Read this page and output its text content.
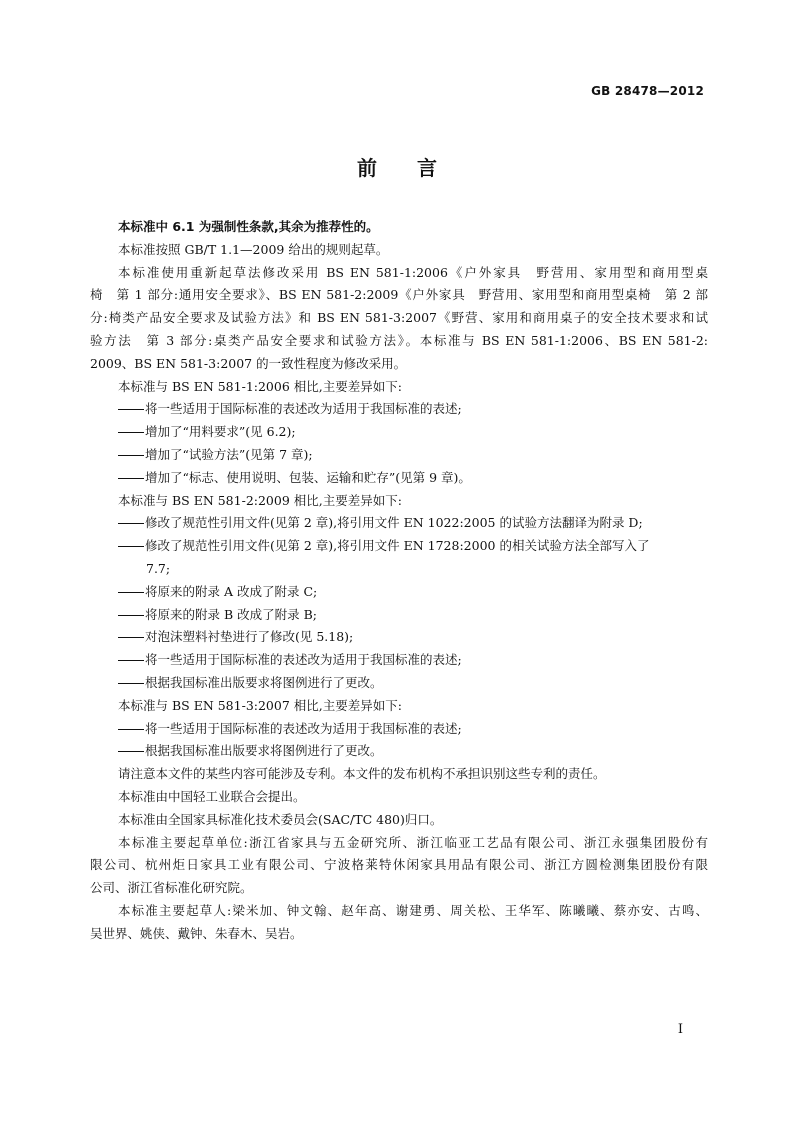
GB 28478—2012
前言
本标准中 6.1 为强制性条款,其余为推荐性的。
本标准按照 GB/T 1.1—2009 给出的规则起草。
本标准使用重新起草法修改采用 BS EN 581-1:2006《户外家具　野营用、家用型和商用型桌
椅　第 1 部分:通用安全要求》、BS EN 581-2:2009《户外家具　野营用、家用型和商用型桌椅　第 2 部
分:椅类产品安全要求及试验方法》和 BS EN 581-3:2007《野营、家用和商用桌子的安全技术要求和试
验方法　第 3 部分:桌类产品安全要求和试验方法》。本标准与 BS EN 581-1:2006、BS EN 581-2:
2009、BS EN 581-3:2007 的一致性程度为修改采用。
本标准与 BS EN 581-1:2006 相比,主要差异如下:
将一些适用于国际标准的表述改为适用于我国标准的表述;
增加了“用料要求”(见 6.2);
增加了“试验方法”(见第 7 章);
增加了“标志、使用说明、包装、运输和贮存”(见第 9 章)。
本标准与 BS EN 581-2:2009 相比,主要差异如下:
修改了规范性引用文件(见第 2 章),将引用文件 EN 1022:2005 的试验方法翻译为附录 D;
修改了规范性引用文件(见第 2 章),将引用文件 EN 1728:2000 的相关试验方法全部写入了
7.7;
将原来的附录 A 改成了附录 C;
将原来的附录 B 改成了附录 B;
对泡沫塑料衬垫进行了修改(见 5.18);
将一些适用于国际标准的表述改为适用于我国标准的表述;
根据我国标准出版要求将图例进行了更改。
本标准与 BS EN 581-3:2007 相比,主要差异如下:
将一些适用于国际标准的表述改为适用于我国标准的表述;
根据我国标准出版要求将图例进行了更改。
请注意本文件的某些内容可能涉及专利。本文件的发布机构不承担识别这些专利的责任。
本标准由中国轻工业联合会提出。
本标准由全国家具标准化技术委员会(SAC/TC 480)归口。
本标准主要起草单位:浙江省家具与五金研究所、浙江临亚工艺品有限公司、浙江永强集团股份有
限公司、杭州炬日家具工业有限公司、宁波格莱特休闲家具用品有限公司、浙江方圆检测集团股份有限
公司、浙江省标准化研究院。
本标准主要起草人:梁米加、钟文翰、赵年高、谢建勇、周关松、王华军、陈曦曦、蔡亦安、古鸣、
吴世界、姚侠、戴钟、朱春木、吴岩。
I
